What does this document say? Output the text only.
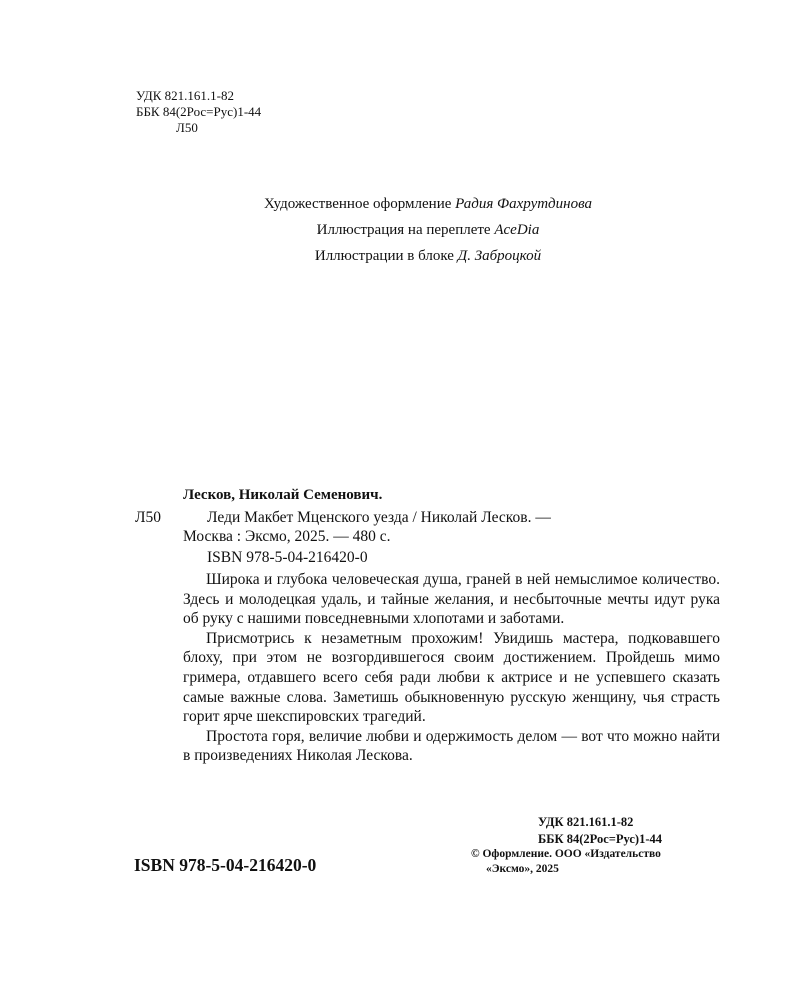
УДК 821.161.1-82
ББК 84(2Рос=Рус)1-44
Л50
Художественное оформление Радия Фахрутдинова
Иллюстрация на переплете AceDia
Иллюстрации в блоке Д. Заброцкой
Лесков, Николай Семенович.
Л50	Леди Макбет Мценского уезда / Николай Лесков. —
Москва : Эксмо, 2025. — 480 с.
ISBN 978-5-04-216420-0
Широка и глубока человеческая душа, граней в ней немыслимое количество. Здесь и молодецкая удаль, и тайные желания, и несбыточные мечты идут рука об руку с нашими повседневными хлопотами и заботами.
Присмотрись к незаметным прохожим! Увидишь мастера, подковавшего блоху, при этом не возгордившегося своим достижением. Пройдешь мимо гримера, отдавшего всего себя ради любви к актрисе и не успевшего сказать самые важные слова. Заметишь обыкновенную русскую женщину, чья страсть горит ярче шекспировских трагедий.
Простота горя, величие любви и одержимость делом — вот что можно найти в произведениях Николая Лескова.
УДК 821.161.1-82
ББК 84(2Рос=Рус)1-44
ISBN 978-5-04-216420-0
© Оформление. ООО «Издательство
«Эксмо», 2025
